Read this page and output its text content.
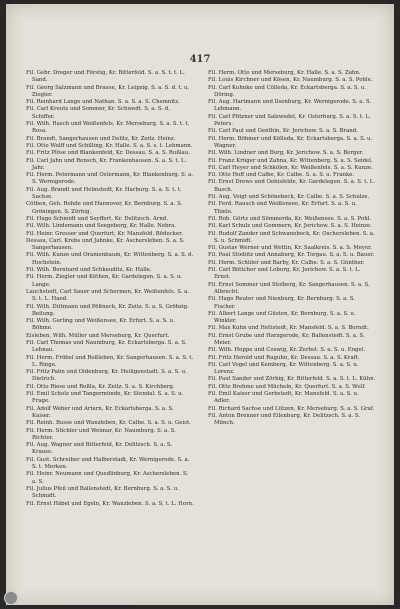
417
Fil. Gebr. Dreger und Förstig, Kr. Bitterfeld. S. a. S. t. t. L. Sand.
Fil. Georg Salzmann und Brause, Kr. Leipzig. S. a. S. d. t. u. Ziegler.
Fil. Reinhard Lange und Nathan. S. a. S. a. S. Chemnitz.
Fil. Carl Kreutz und Sommer, Kr. Schwedt. S. a. S. d. Schiffer.
Fil. Wilh. Rasch und Weißenfels, Kr. Merseburg. S. a. S. t. t. Rosa.
Fil. Brandt, Sangerhausen und Delitz, Kr. Zeitz. Heinz.
Fil. Otto Wolff und Schilling, Kr. Halle. S. a. S. s. t. Lehmann.
Fil. Fritz Plöse und Blankenfeld, Kr. Dessau. S. a. S. Roßlau.
Fil. Carl Jahn und Rensch, Kr. Frankenhausen. S. a. S. t. L. Jahr.
Fil. Herm. Petermann und Ostermann, Kr. Blankenburg. S. a. S. Wernigerode.
Fil. Aug. Brandt und Helmstedt, Kr. Harburg. S. a. S. t. t. Sachse.
Cöthen, Geh. Rohde und Hannover, Kr. Bernburg. S. a. S. Gröningen. S. Zörbig.
Fil. Hugo Schmidt und Seyffert, Kr. Delitzsch. Arnd.
Fil. Wilh. Lindemann und Seegeberg, Kr. Halle. Nebra.
Fil. Heinr. Gresser und Querfurt, Kr. Mansfeld. Bödecker.
Dessau, Carl. Krebs und Jahnke, Kr. Aschersleben. S. a. S. Sangerhausen.
Fil. Wilh. Kunze und Oranienbaum, Kr. Wittenberg. S. a. S. d. Hochstein.
Fil. Wilh. Bernhard und Schkeuditz, Kr. Halle.
Fil. Herm. Ziegler und Köthen, Kr. Gardelegen. S. a. S. u. Lange.
Lauchstedt, Carl Sauer und Schermen, Kr. Weißenfels. S. a. S. t. L. Haed.
Fil. Wilh. Dittmann und Pößneck, Kr. Zeitz. S. a. S. Gröbzig. Beilung.
Fil. Wilh. Gerling und Weißensee, Kr. Erfurt. S. a. S. u. Böhme.
Eisleben, Wilh. Müller und Merseburg, Kr. Querfurt.
Fil. Carl Thomas und Naumburg, Kr. Eckartsberga. S. a. S. Lehnau.
Fil. Herm. Fröbel und Roßleben, Kr. Sangerhausen. S. a. S. t. L. Ringe.
Fil. Fritz Palm und Oldenburg, Kr. Heiligenstadt. S. a. S. u. Dietrich.
Fil. Otto Riese und Roßla, Kr. Zeitz. S. a. S. Kirchberg.
Fil. Emil Scholz und Tangermünde, Kr. Stendal. S. a. S. u. Frage.
Fil. Adolf Weber und Artern, Kr. Eckartsberga. S. a. S. Kaiser.
Fil. Reinh. Busse und Wanzleben, Kr. Calbe. S. a. S. u. Geist.
Fil. Herm. Stichler und Weimar, Kr. Naumburg. S. a. S. Richter.
Fil. Aug. Wagner und Bitterfeld, Kr. Delitzsch. S. a. S. Krause.
Fil. Gust. Schreiber und Halberstadt, Kr. Wernigerode. S. a. S. t. Merken.
Fil. Heinr. Neumann und Quedlinburg, Kr. Aschersleben. S. a. S.
Fil. Julius Pfeil und Ballenstedt, Kr. Bernburg. S. a. S. u. Schmidt.
Fil. Ernst Häbel und Egeln, Kr. Wanzleben. S. a. S. t. L. Horn.
Fil. Herm. Otto und Merseburg, Kr. Halle. S. a. S. Zahn.
Fil. Louis Kirchner und Kösen, Kr. Naumburg. S. a. S. Pohle.
Fil. Carl Kuhnke und Cölleda, Kr. Eckartsberga. S. a. S. u. Döring.
Fil. Aug. Hartmann und Ilsenburg, Kr. Wernigerode. S. a. S. Lehmann.
Fil. Carl Pfitzner und Salzwedel, Kr. Osterburg. S. a. S. t. L. Peters.
Fil. Carl Paul und Genthin, Kr. Jerichow. S. a. S. Brand.
Fil. Herm. Böhmer und Kölleda, Kr. Eckartsberga. S. a. S. u. Wagner.
Fil. Wilh. Lindner und Burg, Kr. Jerichow. S. a. S. Berger.
Fil. Franz Krüger und Zahna, Kr. Wittenberg. S. a. S. Seidel.
Fil. Carl Heyer und Schkölen, Kr. Weißenfels. S. a. S. Kunze.
Fil. Otto Hoff und Calbe, Kr. Calbe. S. a. S. u. Franke.
Fil. Ernst Drews und Oebisfelde, Kr. Gardelegen. S. a. S. t. L. Busch.
Fil. Aug. Voigt und Schönebeck, Kr. Calbe. S. a. S. Schulze.
Fil. Ferd. Rausch und Weißensee, Kr. Erfurt. S. a. S. u. Thiele.
Fil. Rob. Görtz und Sömmerda, Kr. Weißensee. S. a. S. Pohl.
Fil. Karl Schulz und Gommern, Kr. Jerichow. S. a. S. Heinze.
Fil. Rudolf Zander und Schwanebeck, Kr. Oschersleben. S. a. S. u. Schmidt.
Fil. Gustav Werner und Wettin, Kr. Saalkreis. S. a. S. Meyer.
Fil. Paul Stiebitz und Annaburg, Kr. Torgau. S. a. S. u. Bauer.
Fil. Herm. Schüler und Barby, Kr. Calbe. S. a. S. Günther.
Fil. Carl Böttcher und Loburg, Kr. Jerichow. S. a. S. t. L. Ernst.
Fil. Ernst Sommer und Stolberg, Kr. Sangerhausen. S. a. S. Albrecht.
Fil. Hugo Reuter und Nienburg, Kr. Bernburg. S. a. S. Fischer.
Fil. Albert Lange und Güsten, Kr. Bernburg. S. a. S. u. Winkler.
Fil. Max Kuhn und Hettstedt, Kr. Mansfeld. S. a. S. Berndt.
Fil. Ernst Grube und Harzgerode, Kr. Ballenstedt. S. a. S. Meier.
Fil. Wilh. Hoppe und Coswig, Kr. Zerbst. S. a. S. u. Engel.
Fil. Fritz Herold und Raguhn, Kr. Dessau. S. a. S. Kraft.
Fil. Carl Vogel und Kemberg, Kr. Wittenberg. S. a. S. u. Lorenz.
Fil. Paul Sander und Zörbig, Kr. Bitterfeld. S. a. S. t. L. Kühn.
Fil. Otto Brehme und Mücheln, Kr. Querfurt. S. a. S. Wolf.
Fil. Emil Kaiser und Gerbstedt, Kr. Mansfeld. S. a. S. u. Adler.
Fil. Richard Sachse und Lützen, Kr. Merseburg. S. a. S. Graf.
Fil. Anton Brenner und Eilenburg, Kr. Delitzsch. S. a. S. Münch.
Universitäts- und Landesbibliothek Sachsen-Anhalt
